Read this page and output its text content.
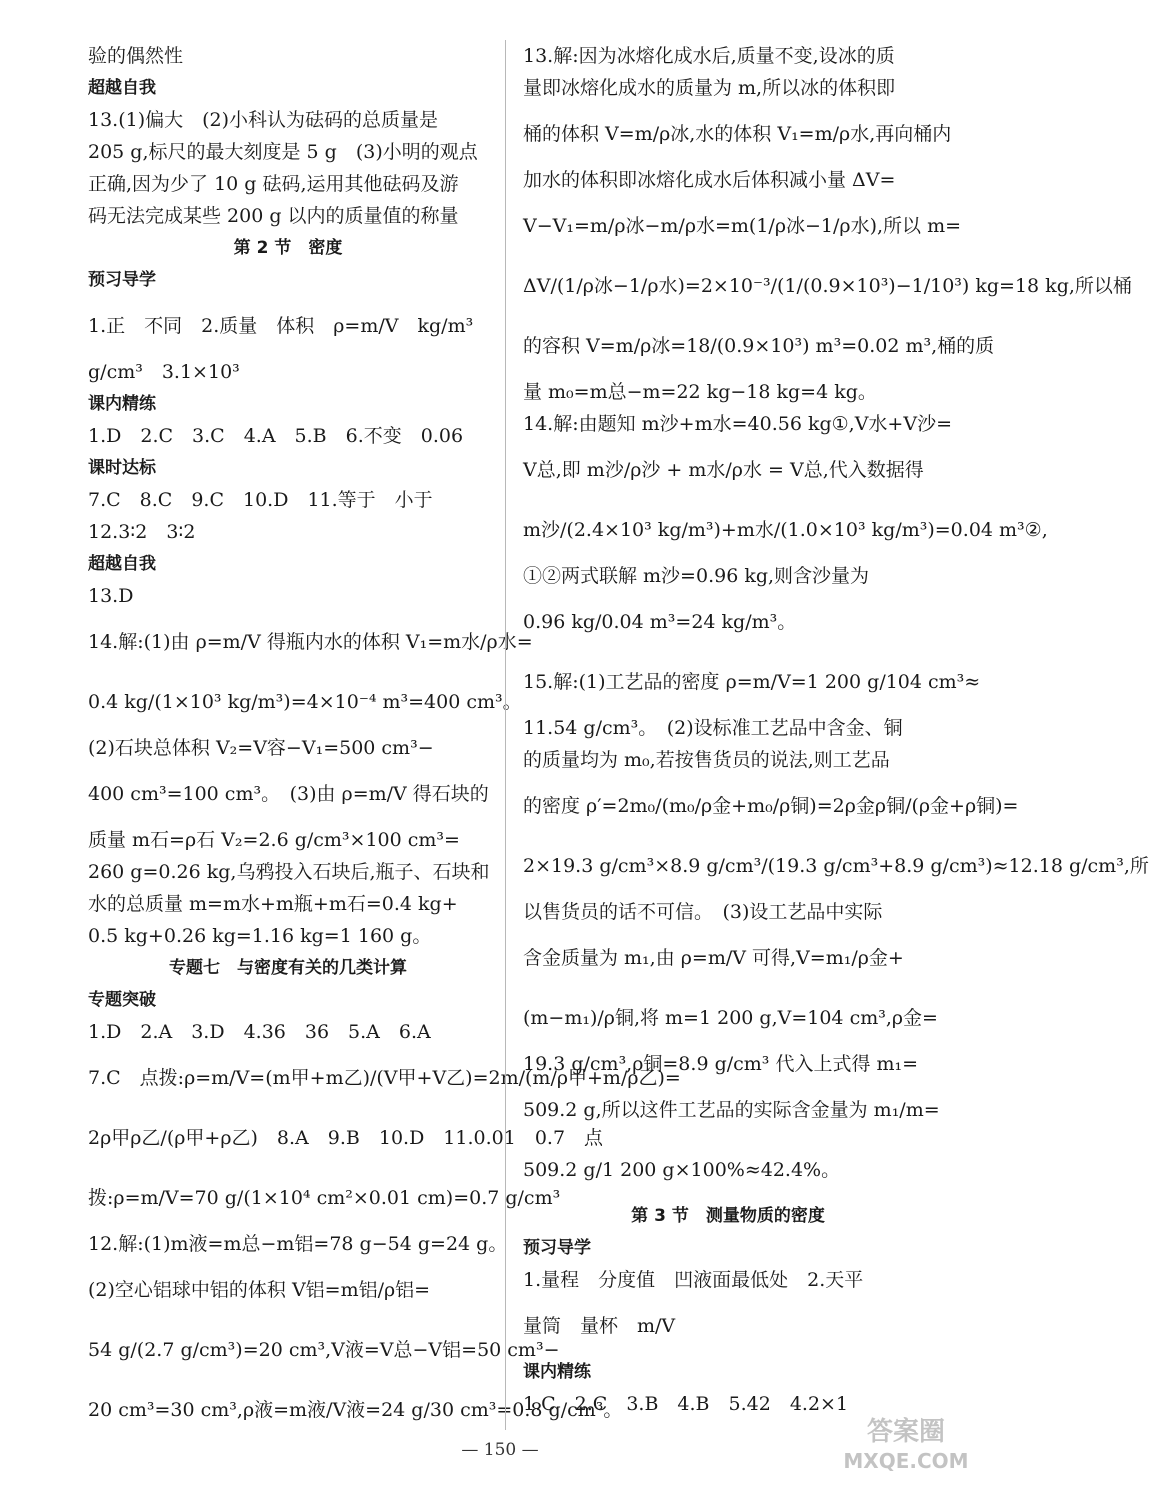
验的偶然性
超越自我
13.(1)偏大　(2)小科认为砝码的总质量是
205 g,标尺的最大刻度是 5 g　(3)小明的观点
正确,因为少了 10 g 砝码,运用其他砝码及游
码无法完成某些 200 g 以内的质量值的称量
第 2 节　密度
预习导学
1.正　不同　2.质量　体积　ρ=m/V　kg/m³
g/cm³　3.1×10³
课内精练
1.D　2.C　3.C　4.A　5.B　6.不变　0.06
课时达标
7.C　8.C　9.C　10.D　11.等于　小于
12.3∶2　3∶2
超越自我
13.D
14.解:(1)由 ρ=m/V 得瓶内水的体积 V₁=m水/ρ水=
0.4 kg/(1×10³ kg/m³)=4×10⁻⁴ m³=400 cm³。
(2)石块总体积 V₂=V容−V₁=500 cm³−
400 cm³=100 cm³。　(3)由 ρ=m/V 得石块的
质量 m石=ρ石 V₂=2.6 g/cm³×100 cm³=
260 g=0.26 kg,乌鸦投入石块后,瓶子、石块和
水的总质量 m=m水+m瓶+m石=0.4 kg+
0.5 kg+0.26 kg=1.16 kg=1 160 g。
专题七　与密度有关的几类计算
专题突破
1.D　2.A　3.D　4.36　36　5.A　6.A
7.C　点拨:ρ=m/V=(m甲+m乙)/(V甲+V乙)=2m/(m/ρ甲+m/ρ乙)=
2ρ甲ρ乙/(ρ甲+ρ乙)　8.A　9.B　10.D　11.0.01　0.7　点
拨:ρ=m/V=70 g/(1×10⁴ cm²×0.01 cm)=0.7 g/cm³
12.解:(1)m液=m总−m铝=78 g−54 g=24 g。
(2)空心铝球中铝的体积 V铝=m铝/ρ铝=
54 g/(2.7 g/cm³)=20 cm³,V液=V总−V铝=50 cm³−
20 cm³=30 cm³,ρ液=m液/V液=24 g/30 cm³=0.8 g/cm³。
13.解:因为冰熔化成水后,质量不变,设冰的质
量即冰熔化成水的质量为 m,所以冰的体积即
桶的体积 V=m/ρ冰,水的体积 V₁=m/ρ水,再向桶内
加水的体积即冰熔化成水后体积减小量 ΔV=
V−V₁=m/ρ冰−m/ρ水=m(1/ρ冰−1/ρ水),所以 m=
ΔV/(1/ρ冰−1/ρ水)=2×10⁻³/(1/(0.9×10³)−1/10³) kg=18 kg,所以桶
的容积 V=m/ρ冰=18/(0.9×10³) m³=0.02 m³,桶的质
量 m₀=m总−m=22 kg−18 kg=4 kg。
14.解:由题知 m沙+m水=40.56 kg①,V水+V沙=
V总,即 m沙/ρ沙 + m水/ρ水 = V总,代入数据得
m沙/(2.4×10³ kg/m³)+m水/(1.0×10³ kg/m³)=0.04 m³②,
①②两式联解 m沙=0.96 kg,则含沙量为
0.96 kg/0.04 m³=24 kg/m³。
15.解:(1)工艺品的密度 ρ=m/V=1 200 g/104 cm³≈
11.54 g/cm³。　(2)设标准工艺品中含金、铜
的质量均为 m₀,若按售货员的说法,则工艺品
的密度 ρ′=2m₀/(m₀/ρ金+m₀/ρ铜)=2ρ金ρ铜/(ρ金+ρ铜)=
2×19.3 g/cm³×8.9 g/cm³/(19.3 g/cm³+8.9 g/cm³)≈12.18 g/cm³,所
以售货员的话不可信。　(3)设工艺品中实际
含金质量为 m₁,由 ρ=m/V 可得,V=m₁/ρ金+
(m−m₁)/ρ铜,将 m=1 200 g,V=104 cm³,ρ金=
19.3 g/cm³,ρ铜=8.9 g/cm³ 代入上式得 m₁=
509.2 g,所以这件工艺品的实际含金量为 m₁/m=
509.2 g/1 200 g×100%≈42.4%。
第 3 节　测量物质的密度
预习导学
1.量程　分度值　凹液面最低处　2.天平
量筒　量杯　m/V
课内精练
1.C　2.C　3.B　4.B　5.42　4.2×1
— 150 —
答案圈
MXQE.COM
